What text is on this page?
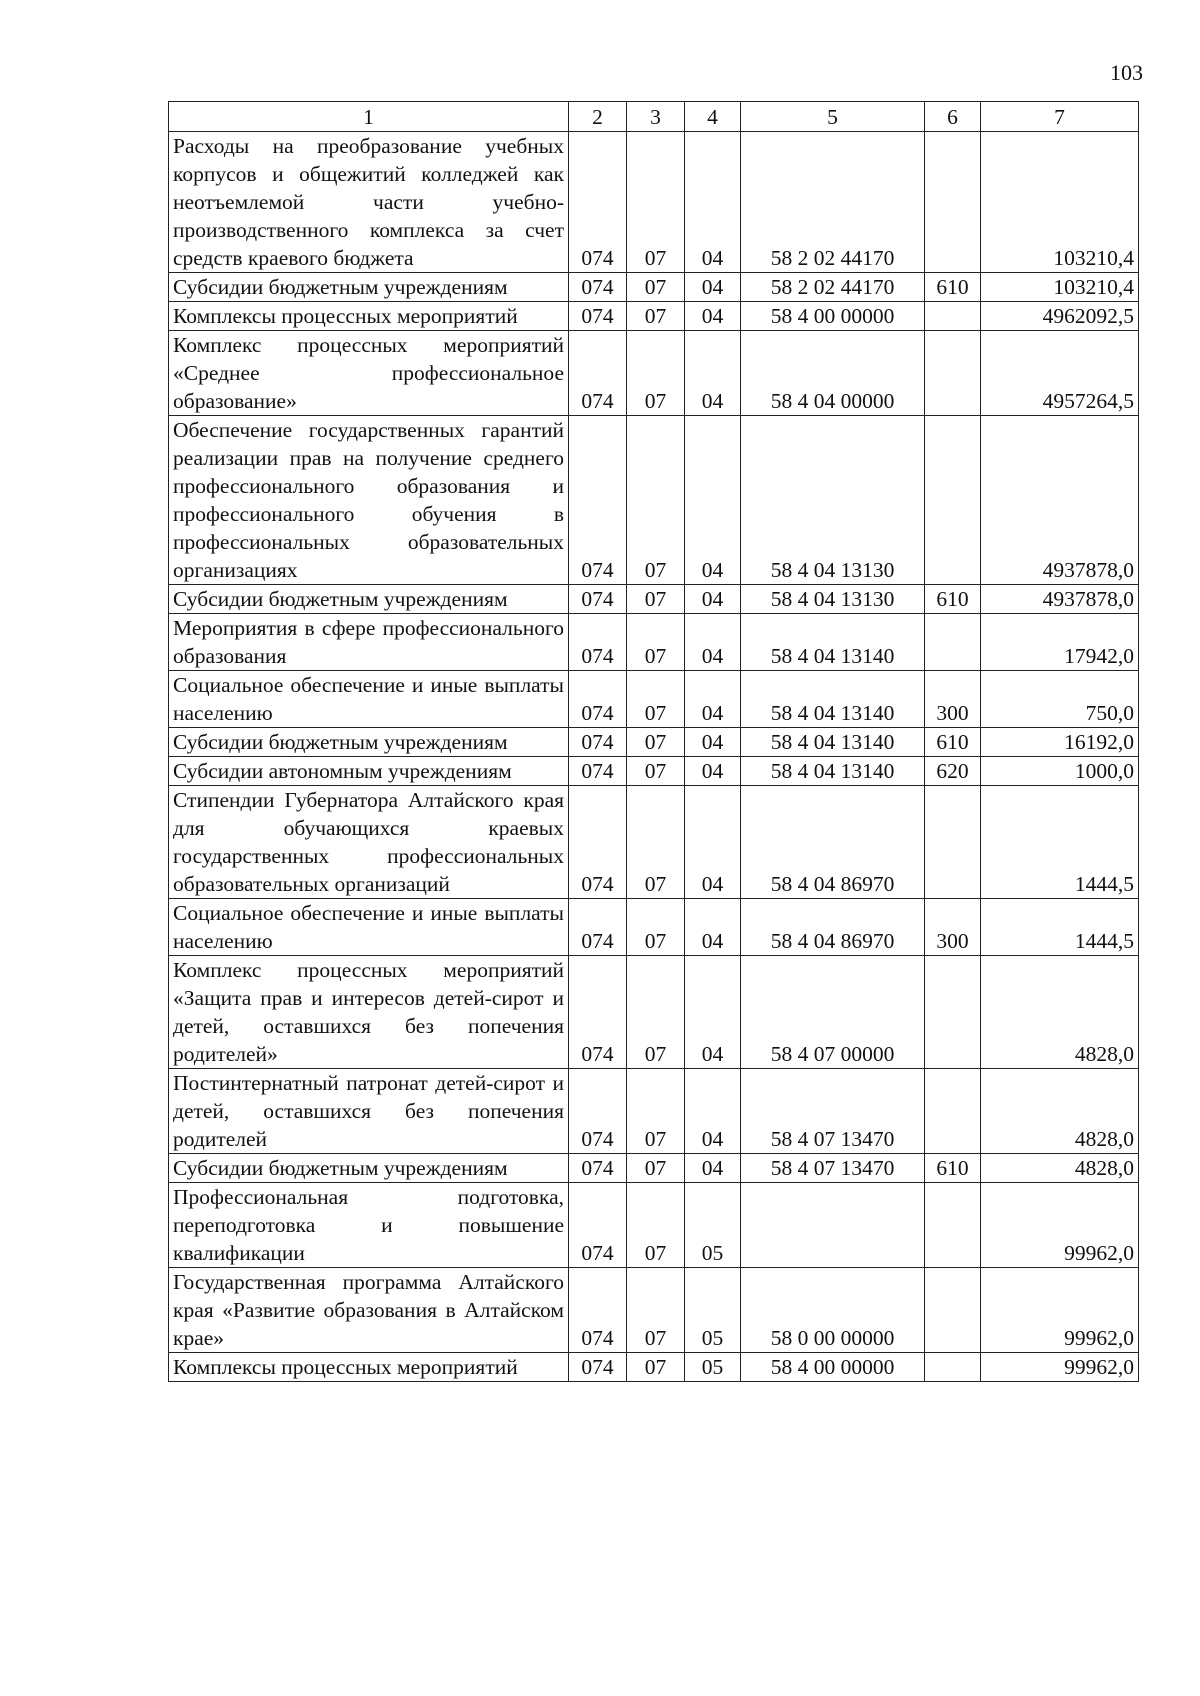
103
1	2	3	4	5	6	7
Расходы на преобразование учебных корпусов и общежитий колледжей как неотъемлемой части учебно-производственного комплекса за счет средств краевого бюджета	074	07	04	58 2 02 44170		103210,4
Субсидии бюджетным учреждениям	074	07	04	58 2 02 44170	610	103210,4
Комплексы процессных мероприятий	074	07	04	58 4 00 00000		4962092,5
Комплекс процессных мероприятий «Среднее профессиональное образование»	074	07	04	58 4 04 00000		4957264,5
Обеспечение государственных гарантий реализации прав на получение среднего профессионального образования и профессионального обучения в профессиональных образовательных организациях	074	07	04	58 4 04 13130		4937878,0
Субсидии бюджетным учреждениям	074	07	04	58 4 04 13130	610	4937878,0
Мероприятия в сфере профессионального образования	074	07	04	58 4 04 13140		17942,0
Социальное обеспечение и иные выплаты населению	074	07	04	58 4 04 13140	300	750,0
Субсидии бюджетным учреждениям	074	07	04	58 4 04 13140	610	16192,0
Субсидии автономным учреждениям	074	07	04	58 4 04 13140	620	1000,0
Стипендии Губернатора Алтайского края для обучающихся краевых государственных профессиональных образовательных организаций	074	07	04	58 4 04 86970		1444,5
Социальное обеспечение и иные выплаты населению	074	07	04	58 4 04 86970	300	1444,5
Комплекс процессных мероприятий «Защита прав и интересов детей-сирот и детей, оставшихся без попечения родителей»	074	07	04	58 4 07 00000		4828,0
Постинтернатный патронат детей-сирот и детей, оставшихся без попечения родителей	074	07	04	58 4 07 13470		4828,0
Субсидии бюджетным учреждениям	074	07	04	58 4 07 13470	610	4828,0
Профессиональная подготовка, переподготовка и повышение квалификации	074	07	05			99962,0
Государственная программа Алтайского края «Развитие образования в Алтайском крае»	074	07	05	58 0 00 00000		99962,0
Комплексы процессных мероприятий	074	07	05	58 4 00 00000		99962,0
